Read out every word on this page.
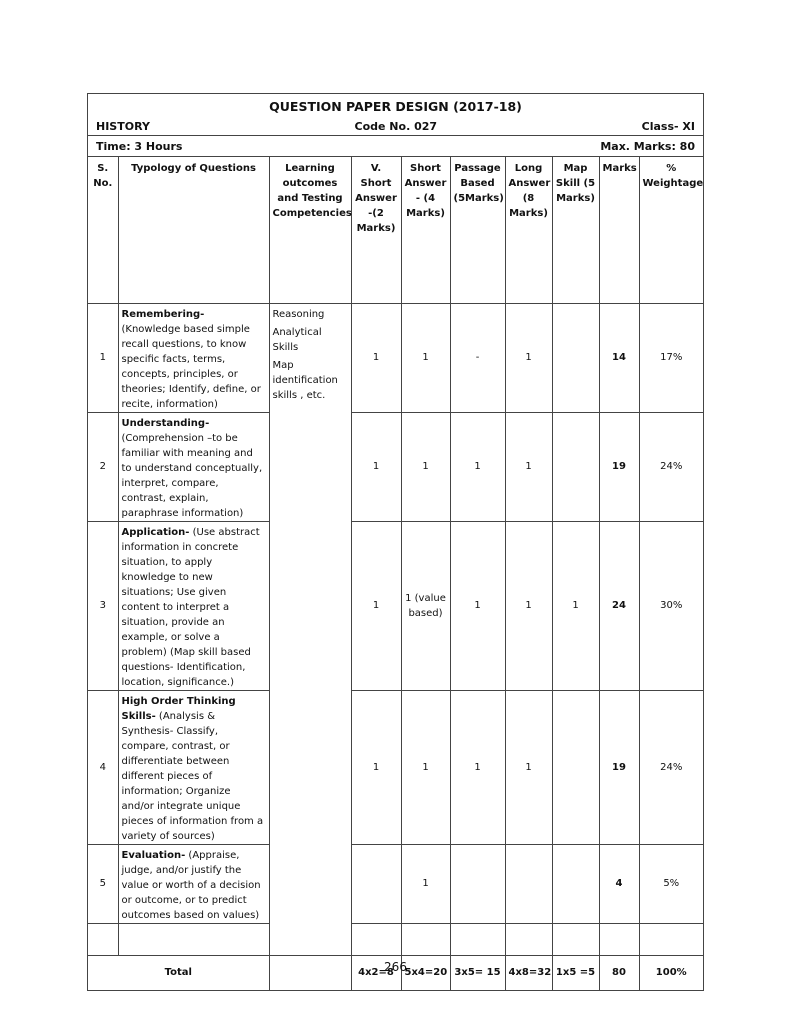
QUESTION PAPER DESIGN (2017-18)
HISTORY	Code No. 027	Class- XI
Time: 3 Hours	Max. Marks: 80
S. No.	Typology of Questions	Learning outcomes and Testing Competencies	V. Short Answer -(2 Marks)	Short Answer - (4 Marks)	Passage Based (5Marks)	Long Answer (8 Marks)	Map Skill (5 Marks)	Marks	% Weightage
1	Remembering- (Knowledge based simple recall questions, to know specific facts, terms, concepts, principles, or theories; Identify, define, or recite, information)	Reasoning
Analytical Skills
Map identification skills , etc.	1	1	-	1		14	17%
2	Understanding- (Comprehension –to be familiar with meaning and to understand conceptually, interpret, compare, contrast, explain, paraphrase information)		1	1	1	1		19	24%
3	Application- (Use abstract information in concrete situation, to apply knowledge to new situations; Use given content to interpret a situation, provide an example, or solve a problem) (Map skill based questions- Identification, location, significance.)		1	1 (value based)	1	1	1	24	30%
4	High Order Thinking Skills- (Analysis & Synthesis- Classify, compare, contrast, or differentiate between different pieces of information; Organize and/or integrate unique pieces of information from a variety of sources)		1	1	1	1		19	24%
5	Evaluation- (Appraise, judge, and/or justify the value or worth of a decision or outcome, or to predict outcomes based on values)			1				4	5%

Total			4x2=8	5x4=20	3x5= 15	4x8=32	1x5 =5	80	100%
266
